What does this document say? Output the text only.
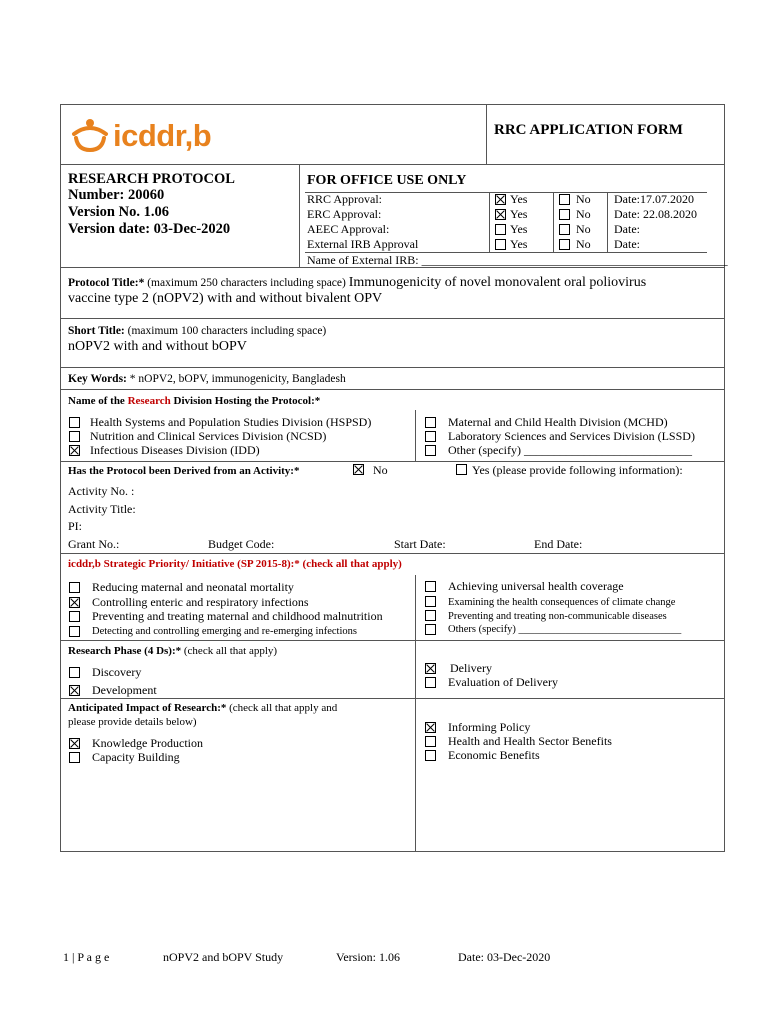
icddr,b	RRC APPLICATION FORM
RESEARCH PROTOCOL
Number: 20060
Version No. 1.06
Version date: 03-Dec-2020
FOR OFFICE USE ONLY
RRC Approval:	Yes	No Date:17.07.2020
ERC Approval:	Yes	No Date: 22.08.2020
AEEC Approval:	Yes	No Date:
External IRB Approval	Yes	No Date:
Name of External IRB: ___________________________________________________
Protocol Title:* (maximum 250 characters including space) Immunogenicity of novel monovalent oral poliovirus
vaccine type 2 (nOPV2) with and without bivalent OPV
Short Title: (maximum 100 characters including space)
nOPV2 with and without bOPV
Key Words: * nOPV2, bOPV, immunogenicity, Bangladesh
Name of the Research Division Hosting the Protocol:*
Health Systems and Population Studies Division (HSPSD)
Nutrition and Clinical Services Division (NCSD)
Infectious Diseases Division (IDD)
Maternal and Child Health Division (MCHD)
Laboratory Sciences and Services Division (LSSD)
Other (specify) ____________________________
Has the Protocol been Derived from an Activity:*	No	Yes (please provide following information):
Activity No. :
Activity Title:
PI:
Grant No.:	Budget Code:	Start Date:	End Date:
icddr,b Strategic Priority/ Initiative (SP 2015-8):* (check all that apply)
Reducing maternal and neonatal mortality
Controlling enteric and respiratory infections
Preventing and treating maternal and childhood malnutrition
Detecting and controlling emerging and re-emerging infections
Achieving universal health coverage
Examining the health consequences of climate change
Preventing and treating non-communicable diseases
Others (specify) _______________________________
Research Phase (4 Ds):* (check all that apply)
Discovery
Development
Delivery
Evaluation of Delivery
Anticipated Impact of Research:* (check all that apply and
please provide details below)
Knowledge Production
Capacity Building
Informing Policy
Health and Health Sector Benefits
Economic Benefits
1 | P a g e	nOPV2 and bOPV Study	Version: 1.06	Date: 03-Dec-2020
